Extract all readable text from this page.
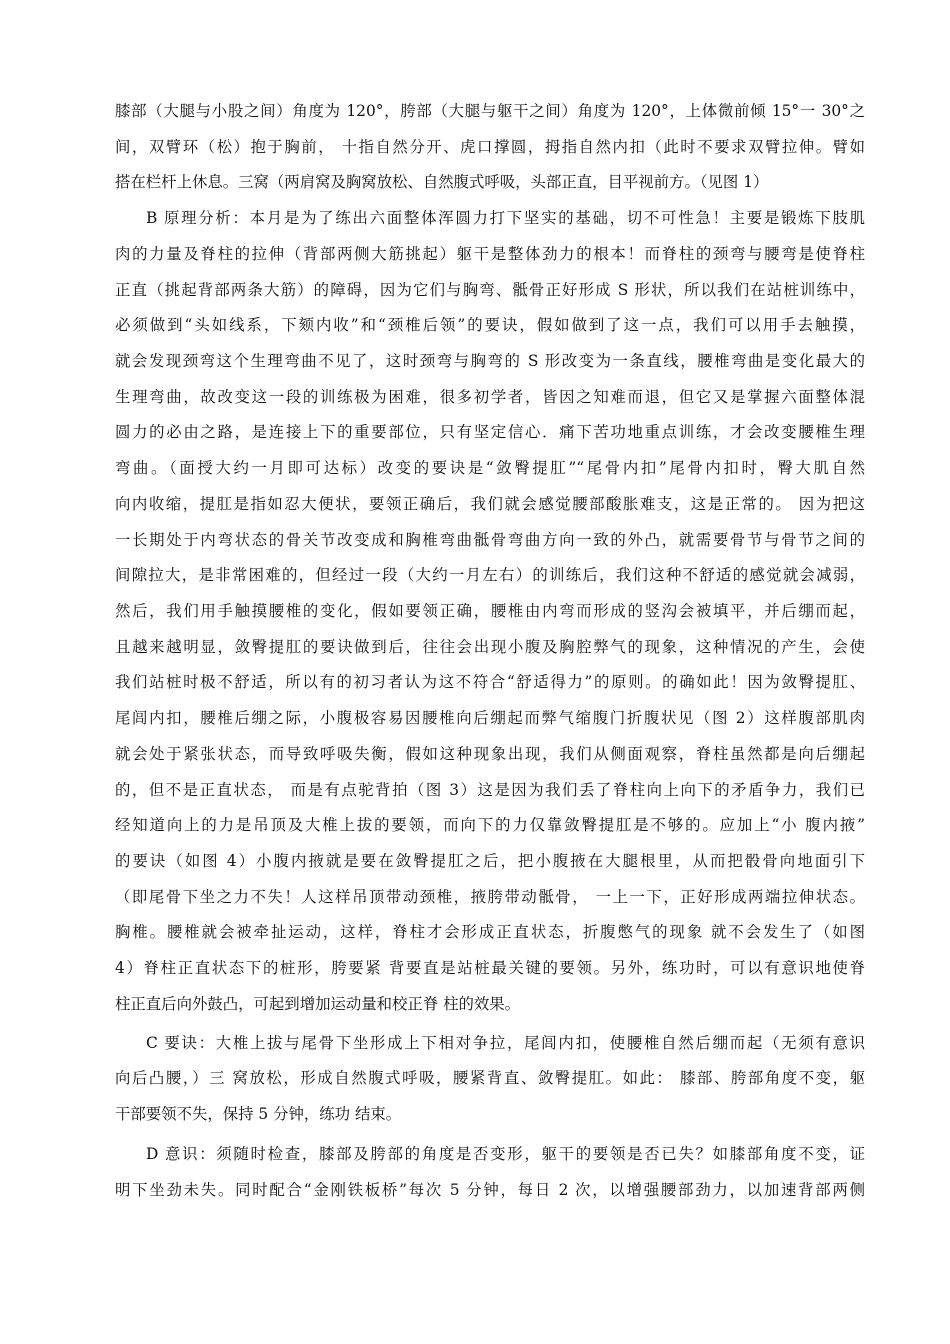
膝部（大腿与小股之间）角度为 120°，胯部（大腿与躯干之间）角度为 120°，上体微前倾 15°一 30°之
间，双臂环（松）抱于胸前， 十指自然分开、虎口撑圆，拇指自然内扣（此时不要求双臂拉伸。臂如
搭在栏杆上休息。三窝（两肩窝及胸窝放松、自然腹式呼吸，头部正直，目平视前方。（见图 1）
B 原理分析：本月是为了练出六面整体浑圆力打下坚实的基础，切不可性急！主要是锻炼下肢肌
肉的力量及脊柱的拉伸（背部两侧大筋挑起）躯干是整体劲力的根本！而脊柱的颈弯与腰弯是使脊柱
正直（挑起背部两条大筋）的障碍，因为它们与胸弯、骶骨正好形成 S 形状，所以我们在站桩训练中，
必须做到“头如线系，下颏内收”和“颈椎后领”的要诀，假如做到了这一点，我们可以用手去触摸，
就会发现颈弯这个生理弯曲不见了，这时颈弯与胸弯的 S 形改变为一条直线，腰椎弯曲是变化最大的
生理弯曲，故改变这一段的训练极为困难，很多初学者，皆因之知难而退，但它又是掌握六面整体混
圆力的必由之路，是连接上下的重要部位，只有坚定信心．痛下苦功地重点训练，才会改变腰椎生理
弯曲。（面授大约一月即可达标）改变的要诀是“敛臀提肛”“尾骨内扣”尾骨内扣时，臀大肌自然
向内收缩，提肛是指如忍大便状，要领正确后，我们就会感觉腰部酸胀难支，这是正常的。 因为把这
一长期处于内弯状态的骨关节改变成和胸椎弯曲骶骨弯曲方向一致的外凸，就需要骨节与骨节之间的
间隙拉大，是非常困难的，但经过一段（大约一月左右）的训练后，我们这种不舒适的感觉就会减弱，
然后，我们用手触摸腰椎的变化，假如要领正确，腰椎由内弯而形成的竖沟会被填平，并后绷而起，
且越来越明显，敛臀提肛的要诀做到后，往往会出现小腹及胸腔弊气的现象，这种情况的产生，会使
我们站桩时极不舒适，所以有的初习者认为这不符合“舒适得力”的原则。的确如此！因为敛臀提肛、
尾闾内扣，腰椎后绷之际，小腹极容易因腰椎向后绷起而弊气缩腹门折腹状见（图 2）这样腹部肌肉
就会处于紧张状态，而导致呼吸失衡，假如这种现象出现，我们从侧面观察，脊柱虽然都是向后绷起
的，但不是正直状态， 而是有点驼背拍（图 3）这是因为我们丢了脊柱向上向下的矛盾争力，我们已
经知道向上的力是吊顶及大椎上拔的要领，而向下的力仅靠敛臀提肛是不够的。应加上“小 腹内掖”
的要诀（如图 4）小腹内掖就是要在敛臀提肛之后，把小腹掖在大腿根里，从而把骰骨向地面引下
（即尾骨下坐之力不失！人这样吊顶带动颈椎，掖胯带动骶骨， 一上一下，正好形成两端拉伸状态。
胸椎。腰椎就会被牵扯运动，这样，脊柱才会形成正直状态，折腹憋气的现象 就不会发生了（如图
4）脊柱正直状态下的桩形，胯要紧 背要直是站桩最关键的要领。另外，练功时，可以有意识地使脊
柱正直后向外鼓凸，可起到增加运动量和校正脊 柱的效果。
C 要诀：大椎上拔与尾骨下坐形成上下相对争拉，尾闾内扣，使腰椎自然后绷而起（无须有意识
向后凸腰，）三 窝放松，形成自然腹式呼吸，腰紧背直、敛臀提肛。如此： 膝部、胯部角度不变，躯
干部要领不失，保持 5 分钟，练功 结束。
D 意识：须随时检查，膝部及胯部的角度是否变形，躯干的要领是否已失？如膝部角度不变，证
明下坐劲未失。同时配合“金刚铁板桥”每次 5 分钟，每日 2 次，以增强腰部劲力，以加速背部两侧
